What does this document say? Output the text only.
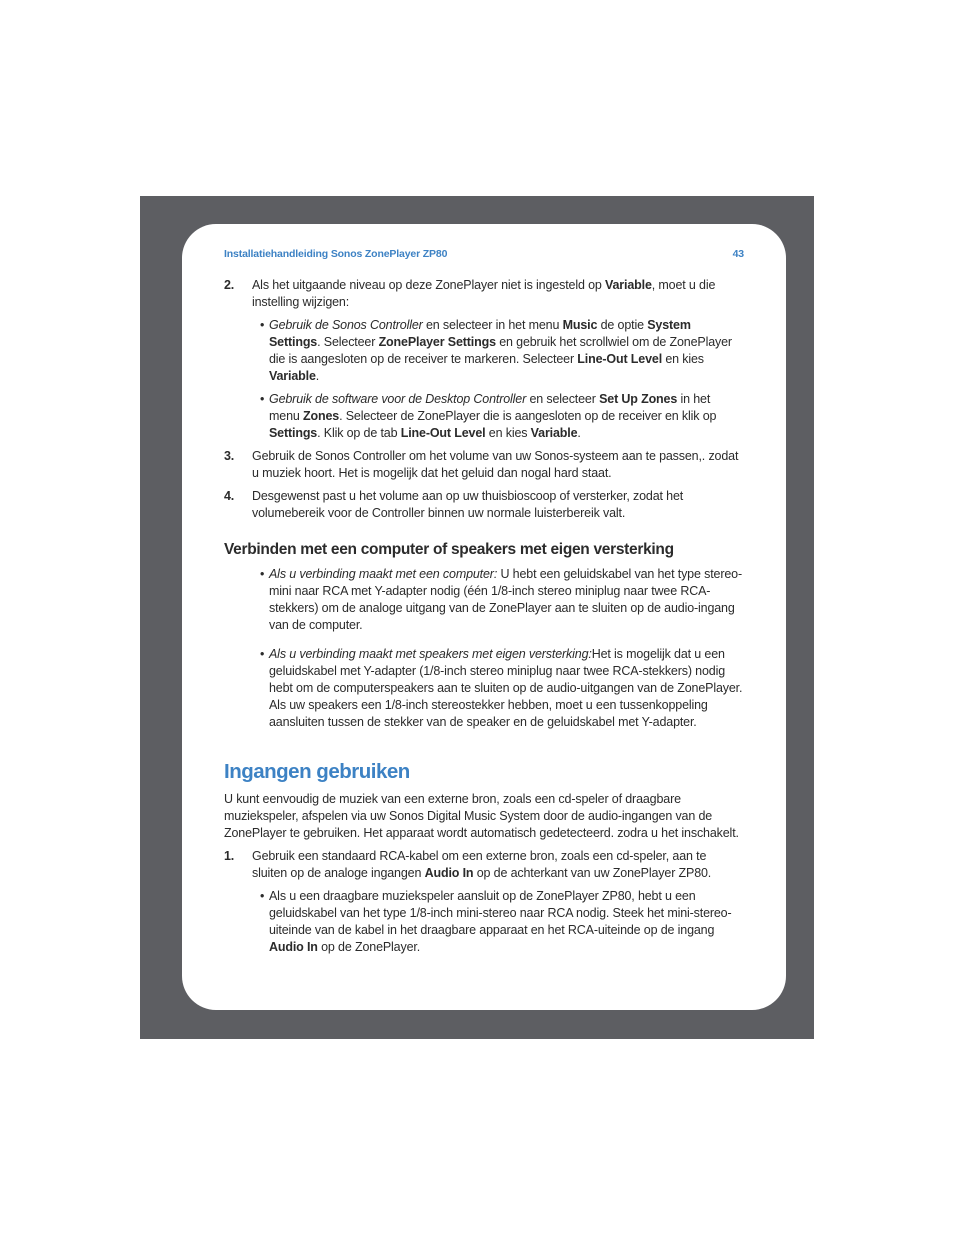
Installatiehandleiding Sonos ZonePlayer ZP80	43
2.	Als het uitgaande niveau op deze ZonePlayer niet is ingesteld op Variable, moet u die instelling wijzigen:
• Gebruik de Sonos Controller en selecteer in het menu Music de optie System Settings. Selecteer ZonePlayer Settings en gebruik het scrollwiel om de ZonePlayer die is aangesloten op de receiver te markeren. Selecteer Line-Out Level en kies Variable.
• Gebruik de software voor de Desktop Controller en selecteer Set Up Zones in het menu Zones. Selecteer de ZonePlayer die is aangesloten op de receiver en klik op Settings. Klik op de tab Line-Out Level en kies Variable.
3.	Gebruik de Sonos Controller om het volume van uw Sonos-systeem aan te passen,. zodat u muziek hoort. Het is mogelijk dat het geluid dan nogal hard staat.
4.	Desgewenst past u het volume aan op uw thuisbioscoop of versterker, zodat het volumebereik voor de Controller binnen uw normale luisterbereik valt.
Verbinden met een computer of speakers met eigen versterking
• Als u verbinding maakt met een computer: U hebt een geluidskabel van het type stereo-mini naar RCA met Y-adapter nodig (één 1/8-inch stereo miniplug naar twee RCA-stekkers) om de analoge uitgang van de ZonePlayer aan te sluiten op de audio-ingang van de computer.
• Als u verbinding maakt met speakers met eigen versterking:Het is mogelijk dat u een geluidskabel met Y-adapter (1/8-inch stereo miniplug naar twee RCA-stekkers) nodig hebt om de computerspeakers aan te sluiten op de audio-uitgangen van de ZonePlayer. Als uw speakers een 1/8-inch stereostekker hebben, moet u een tussenkoppeling aansluiten tussen de stekker van de speaker en de geluidskabel met Y-adapter.
Ingangen gebruiken

U kunt eenvoudig de muziek van een externe bron, zoals een cd-speler of draagbare muziekspeler, afspelen via uw Sonos Digital Music System door de audio-ingangen van de ZonePlayer te gebruiken. Het apparaat wordt automatisch gedetecteerd. zodra u het inschakelt.

1.	Gebruik een standaard RCA-kabel om een externe bron, zoals een cd-speler, aan te sluiten op de analoge ingangen Audio In op de achterkant van uw ZonePlayer ZP80.
• Als u een draagbare muziekspeler aansluit op de ZonePlayer ZP80, hebt u een geluidskabel van het type 1/8-inch mini-stereo naar RCA nodig. Steek het mini-stereo-uiteinde van de kabel in het draagbare apparaat en het RCA-uiteinde op de ingang Audio In op de ZonePlayer.
